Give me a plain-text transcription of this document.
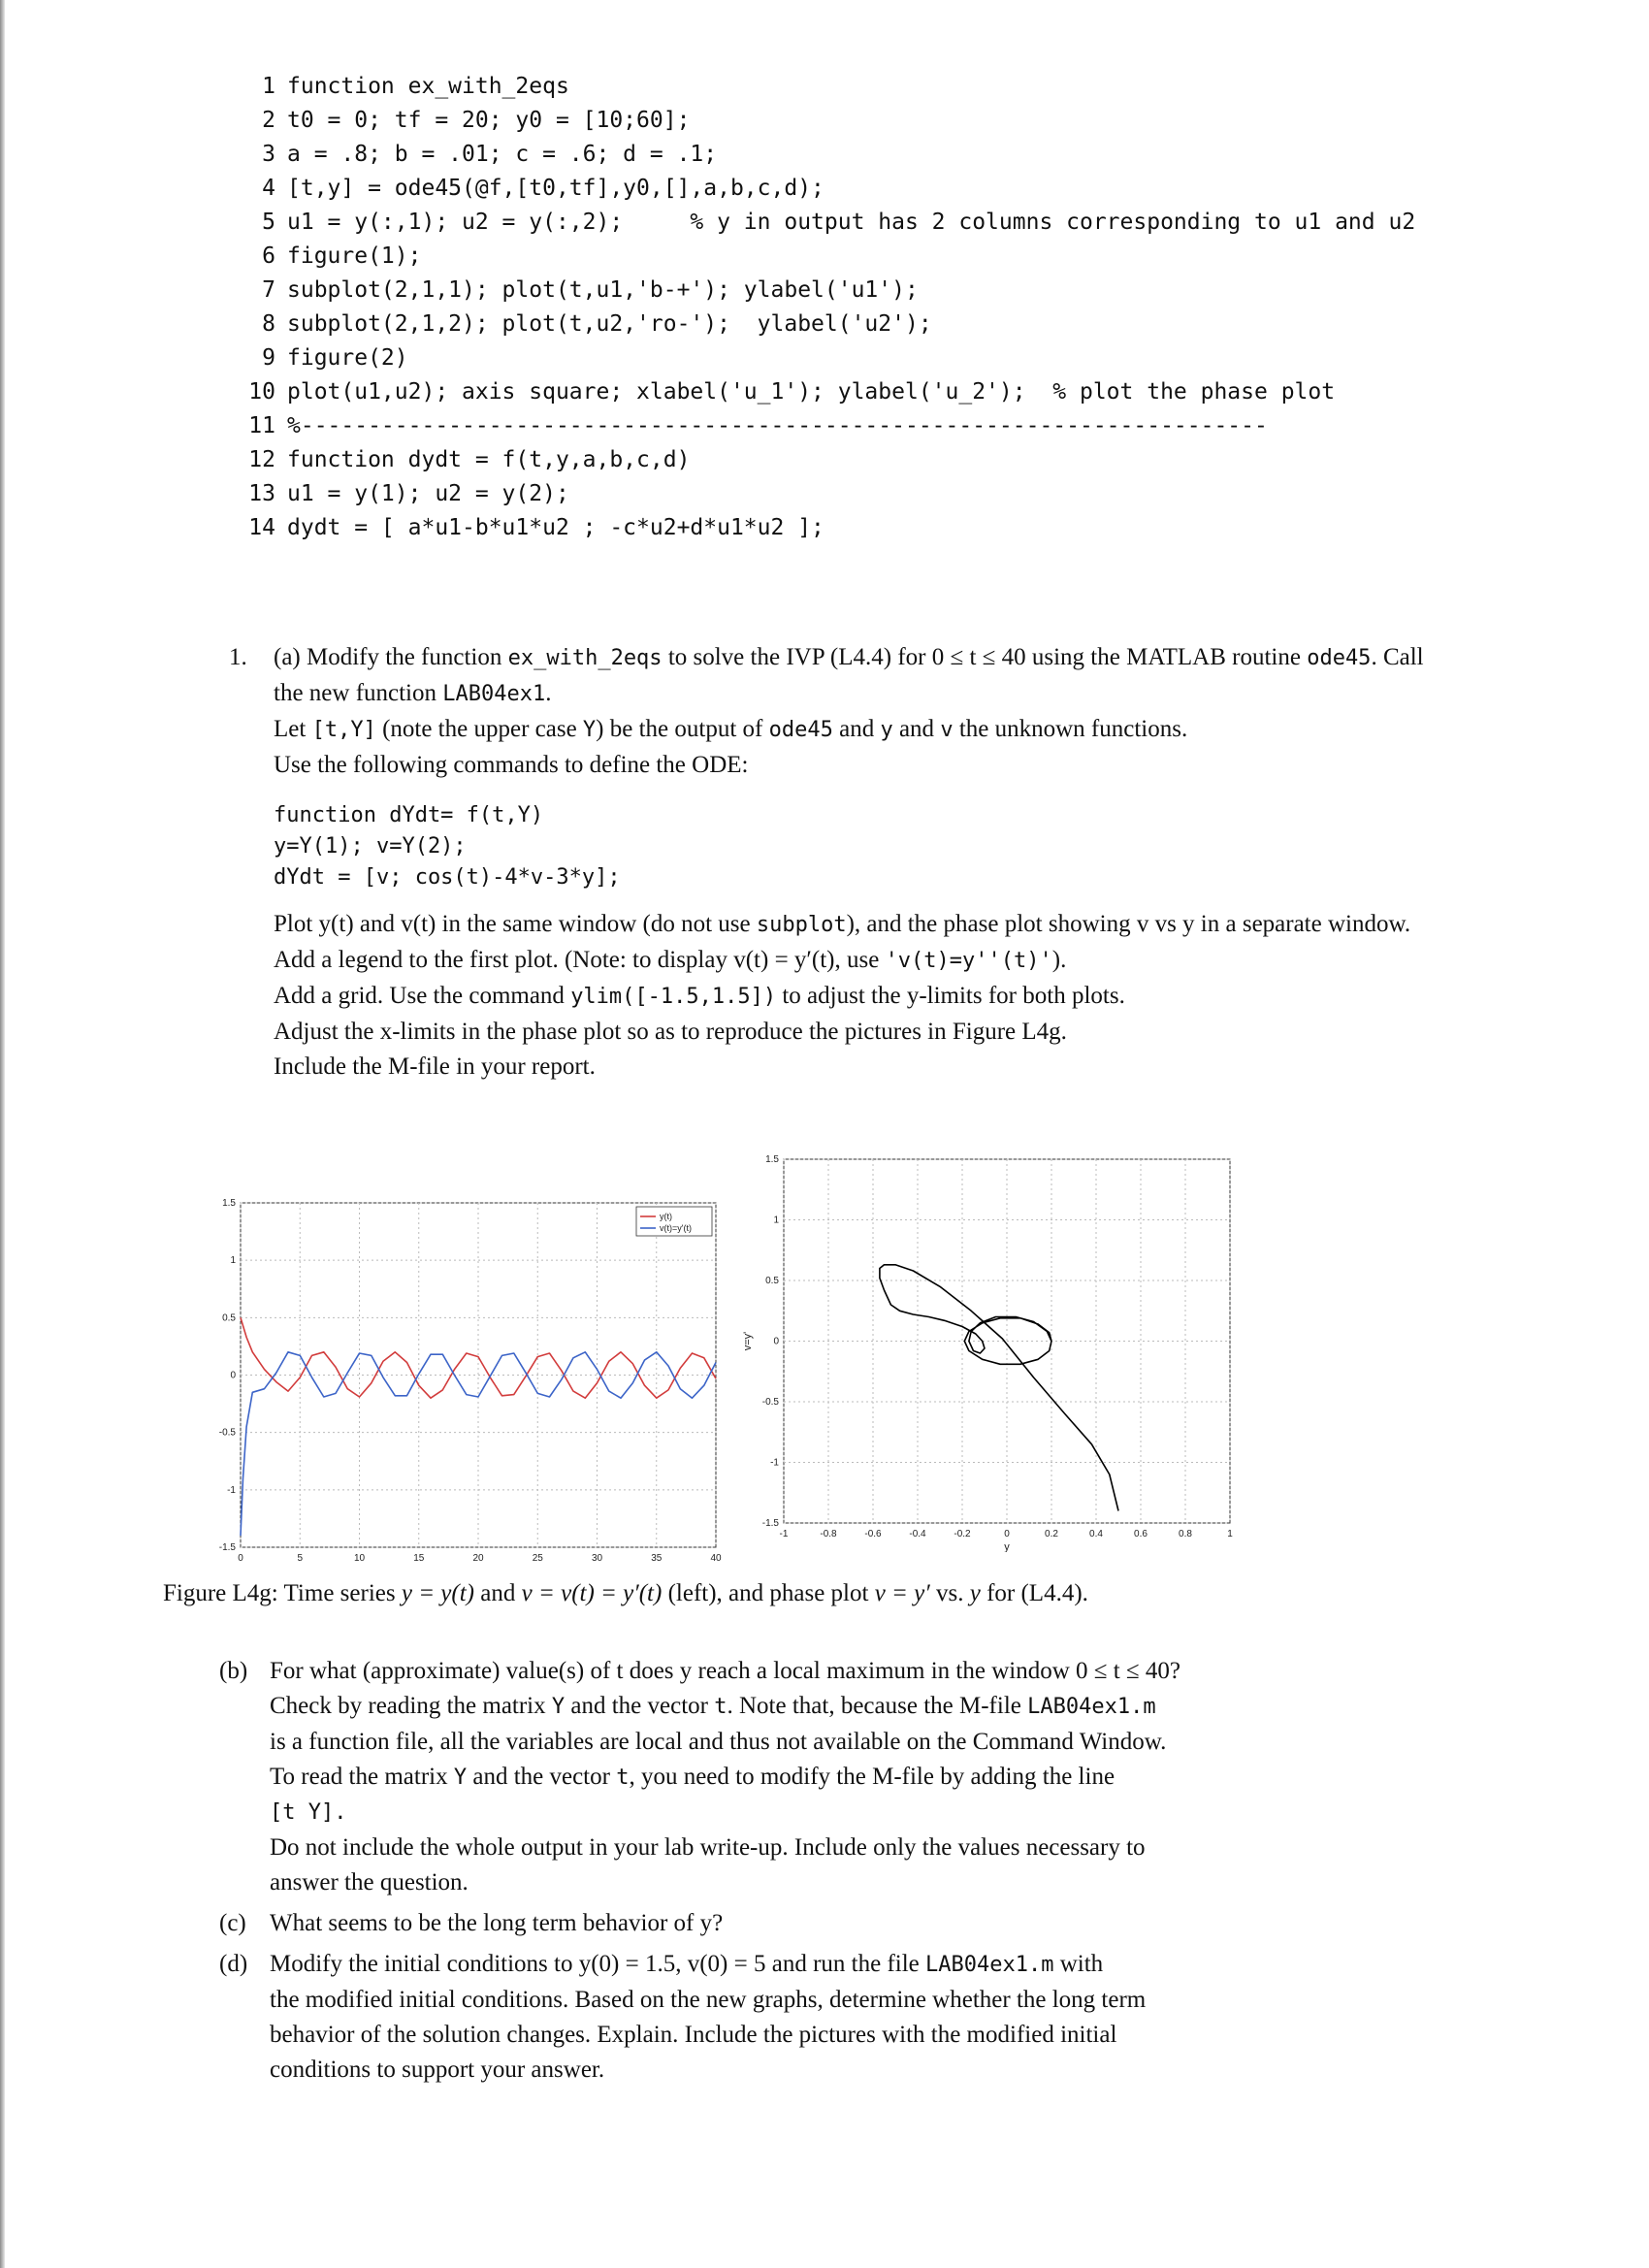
1 function ex_with_2eqs
2 t0 = 0; tf = 20; y0 = [10;60];
3 a = .8; b = .01; c = .6; d = .1;
4 [t,y] = ode45(@f,[t0,tf],y0,[],a,b,c,d);
5 u1 = y(:,1); u2 = y(:,2);     % y in output has 2 columns corresponding to u1 and u2
6 figure(1);
7 subplot(2,1,1); plot(t,u1,'b-+'); ylabel('u1');
8 subplot(2,1,2); plot(t,u2,'ro-');  ylabel('u2');
9 figure(2)
10 plot(u1,u2); axis square; xlabel('u_1'); ylabel('u_2');  % plot the phase plot
11 %------------------------------------------------------------------------
12 function dydt = f(t,y,a,b,c,d)
13 u1 = y(1); u2 = y(2);
14 dydt = [ a*u1-b*u1*u2 ; -c*u2+d*u1*u2 ];
1.	(a) Modify the function ex_with_2eqs to solve the IVP (L4.4) for 0 ≤ t ≤ 40 using the MATLAB routine ode45. Call the new function LAB04ex1.

Let [t,Y] (note the upper case Y) be the output of ode45 and y and v the unknown functions.

Use the following commands to define the ODE:

function dYdt= f(t,Y)
y=Y(1); v=Y(2);
dYdt = [v; cos(t)-4*v-3*y];

Plot y(t) and v(t) in the same window (do not use subplot), and the phase plot showing v vs y in a separate window.

Add a legend to the first plot. (Note: to display v(t) = y′(t), use 'v(t)=y''(t)').

Add a grid. Use the command ylim([-1.5,1.5]) to adjust the y-limits for both plots.

Adjust the x-limits in the phase plot so as to reproduce the pictures in Figure L4g.

Include the M-file in your report.

0	5	10	15	20	25	30	35	40
-1.5
-1
-0.5
0
0.5
1
1.5
y(t)
v(t)=y'(t)
-1	-0.8	-0.6	-0.4	-0.2	0	0.2	0.4	0.6	0.8	1
-1.5
-1
-0.5
0
0.5
1
1.5
y
v=y'
Figure L4g: Time series y = y(t) and v = v(t) = y′(t) (left), and phase plot v = y′ vs. y for (L4.4).
(b) For what (approximate) value(s) of t does y reach a local maximum in the window 0 ≤ t ≤ 40?
Check by reading the matrix Y and the vector t. Note that, because the M-file LAB04ex1.m
is a function file, all the variables are local and thus not available on the Command Window.
To read the matrix Y and the vector t, you need to modify the M-file by adding the line
[t Y].
Do not include the whole output in your lab write-up. Include only the values necessary to
answer the question.
(c) What seems to be the long term behavior of y?
(d) Modify the initial conditions to y(0) = 1.5, v(0) = 5 and run the file LAB04ex1.m with
the modified initial conditions. Based on the new graphs, determine whether the long term
behavior of the solution changes. Explain. Include the pictures with the modified initial
conditions to support your answer.
